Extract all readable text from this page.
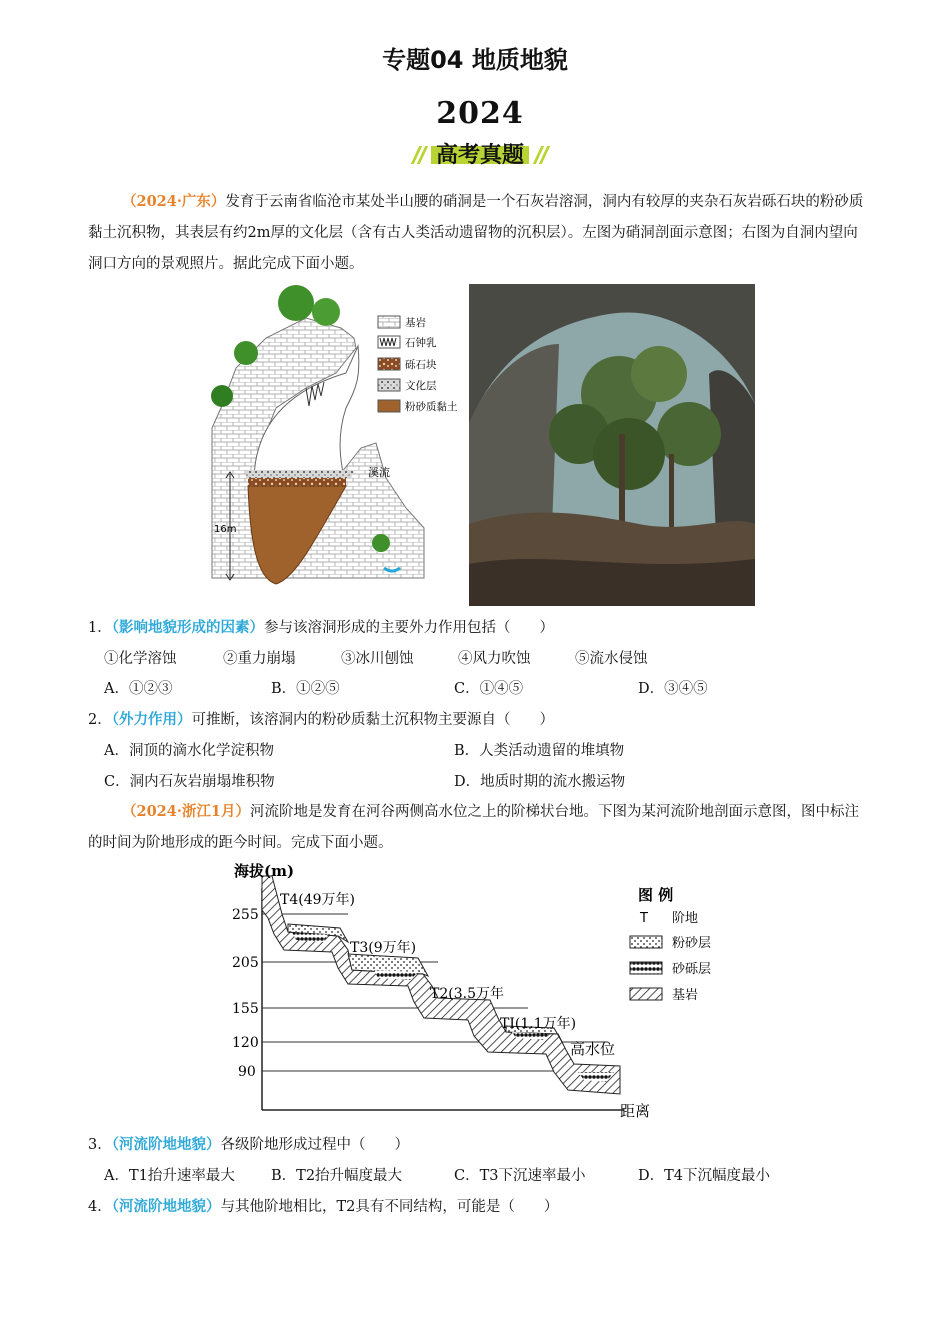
专题04 地质地貌
2024
高考真题
（2024·广东）发育于云南省临沧市某处半山腰的硝洞是一个石灰岩溶洞，洞内有较厚的夹杂石灰岩砾石块的粉砂质黏土沉积物，其表层有约2m厚的文化层（含有古人类活动遗留物的沉积层）。左图为硝洞剖面示意图；右图为自洞内望向洞口方向的景观照片。据此完成下面小题。
16m
溪流
基岩
石钟乳
砾石块
文化层
粉砂质黏土
1．（影响地貌形成的因素）参与该溶洞形成的主要外力作用包括（　　）
①化学溶蚀	②重力崩塌	③冰川刨蚀	④风力吹蚀	⑤流水侵蚀
A．①②③	B．①②⑤	C．①④⑤	D．③④⑤
2．（外力作用）可推断，该溶洞内的粉砂质黏土沉积物主要源自（　　）
A．洞顶的滴水化学淀积物	B．人类活动遗留的堆填物
C．洞内石灰岩崩塌堆积物	D．地质时期的流水搬运物
（2024·浙江1月）河流阶地是发育在河谷两侧高水位之上的阶梯状台地。下图为某河流阶地剖面示意图，图中标注的时间为阶地形成的距今时间。完成下面小题。
海拔(m)
255
205
155
120
90
T4(49万年)
T3(9万年)
T2(3.5万年
TI(1.1万年)
高水位
距离
图 例
T 阶地
粉砂层
砂砾层
基岩
3．（河流阶地地貌）各级阶地形成过程中（　　）
A．T1抬升速率最大 B．T2抬升幅度最大	C．T3下沉速率最小	D．T4下沉幅度最小
4．（河流阶地地貌）与其他阶地相比，T2具有不同结构，可能是（　　）
